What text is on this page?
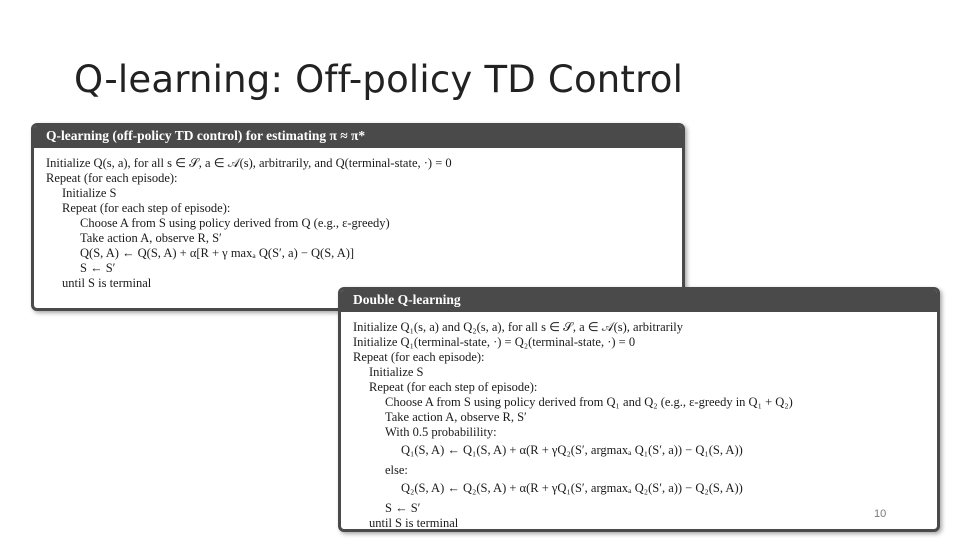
Q-learning: Off-policy TD Control
Q-learning (off-policy TD control) for estimating π ≈ π*
Initialize Q(s, a), for all s ∈ 𝒮, a ∈ 𝒜(s), arbitrarily, and Q(terminal-state, ·) = 0
Repeat (for each episode):
Initialize S
Repeat (for each step of episode):
Choose A from S using policy derived from Q (e.g., ε-greedy)
Take action A, observe R, S′
Q(S, A) ← Q(S, A) + α[R + γ maxₐ Q(S′, a) − Q(S, A)]
S ← S′
until S is terminal
Double Q-learning
Initialize Q₁(s, a) and Q₂(s, a), for all s ∈ 𝒮, a ∈ 𝒜(s), arbitrarily
Initialize Q₁(terminal-state, ·) = Q₂(terminal-state, ·) = 0
Repeat (for each episode):
Initialize S
Repeat (for each step of episode):
Choose A from S using policy derived from Q₁ and Q₂ (e.g., ε-greedy in Q₁ + Q₂)
Take action A, observe R, S′
With 0.5 probabilility:
Q₁(S, A) ← Q₁(S, A) + α(R + γQ₂(S′, argmaxₐ Q₁(S′, a)) − Q₁(S, A))
else:
Q₂(S, A) ← Q₂(S, A) + α(R + γQ₁(S′, argmaxₐ Q₂(S′, a)) − Q₂(S, A))
S ← S′
until S is terminal
10
